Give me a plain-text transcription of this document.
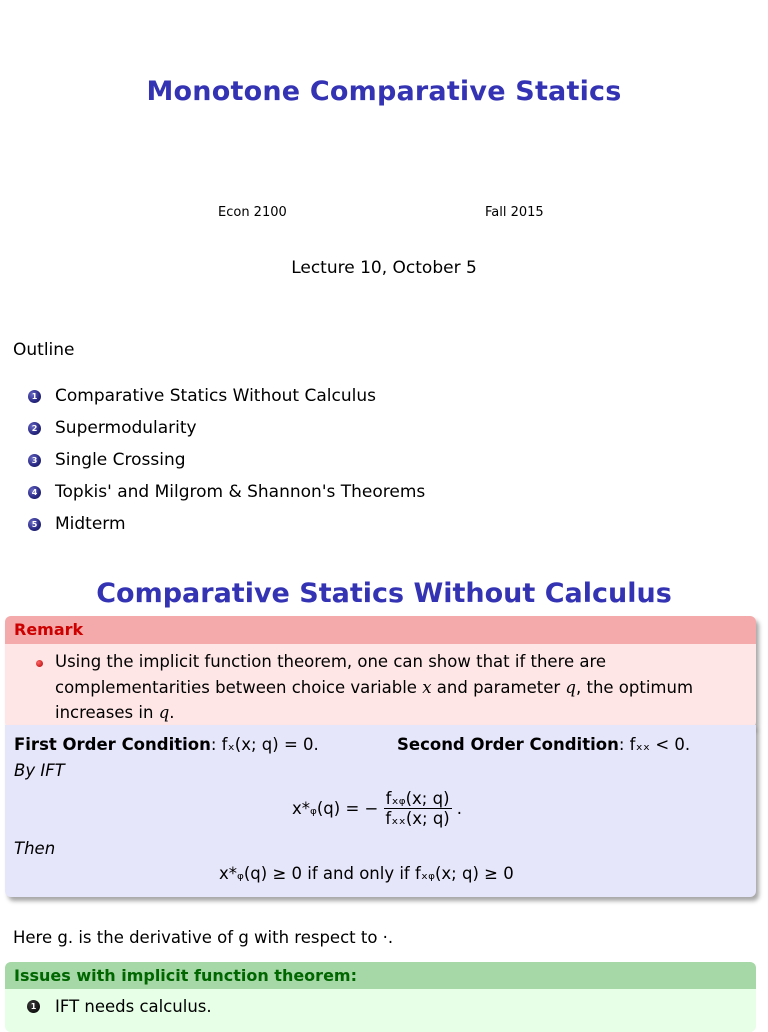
Monotone Comparative Statics
Econ 2100	Fall 2015
Lecture 10, October 5
Outline
1 Comparative Statics Without Calculus
2 Supermodularity
3 Single Crossing
4 Topkis' and Milgrom & Shannon's Theorems
5 Midterm
Comparative Statics Without Calculus
Remark
Using the implicit function theorem, one can show that if there are complementarities between choice variable x and parameter q, the optimum increases in q.
First Order Condition: fₓ(x; q) = 0.	Second Order Condition: fₓₓ < 0.
By IFT
x*ᵩ(q) = − $\frac{\text{fₓᵩ(x; q)}}{\text{fₓₓ(x; q)}}$ .
Then
x*ᵩ(q) ≥ 0 if and only if fₓᵩ(x; q) ≥ 0
Here g. is the derivative of g with respect to ·.
Issues with implicit function theorem:
1 IFT needs calculus.
